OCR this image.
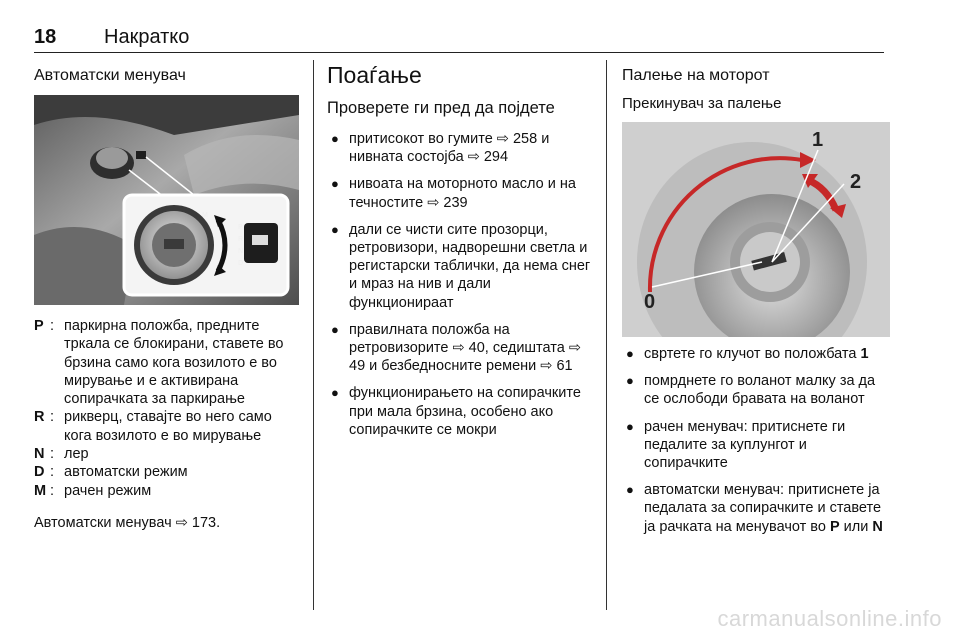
18	Накратко
Автоматски менувач
P
R
N
D
M
P : паркирна положба, предните тркала се блокирани, ставете во брзина само кога возилото е во мирување и е активирана сопирачката за паркирање
R : рикверц, ставајте во него само кога возилото е во мирување
N : лер
D : автоматски режим
M : рачен режим
Автоматски менувач ⇨ 173.
Поаѓање
Проверете ги пред да појдете
● притисокот во гумите ⇨ 258 и нивната состојба ⇨ 294
● нивоата на моторното масло и на течностите ⇨ 239
● дали се чисти сите прозорци, ретровизори, надворешни светла и регистарски таблички, да нема снег и мраз на нив и дали функционираат
● правилната положба на ретровизорите ⇨ 40, седиштата ⇨ 49 и безбедносните ремени ⇨ 61
● функционирањето на сопирачките при мала брзина, особено ако сопирачките се мокри
Палење на моторот
Прекинувач за палење
1
2
0
● свртете го клучот во положбата 1
● помрднете го воланот малку за да се ослободи бравата на воланот
● рачен менувач: притиснете ги педалите за куплунгот и сопирачките
● автоматски менувач: притиснете ја педалата за сопирачките и ставете ја рачката на менувачот во P или N
carmanualsonline.info
